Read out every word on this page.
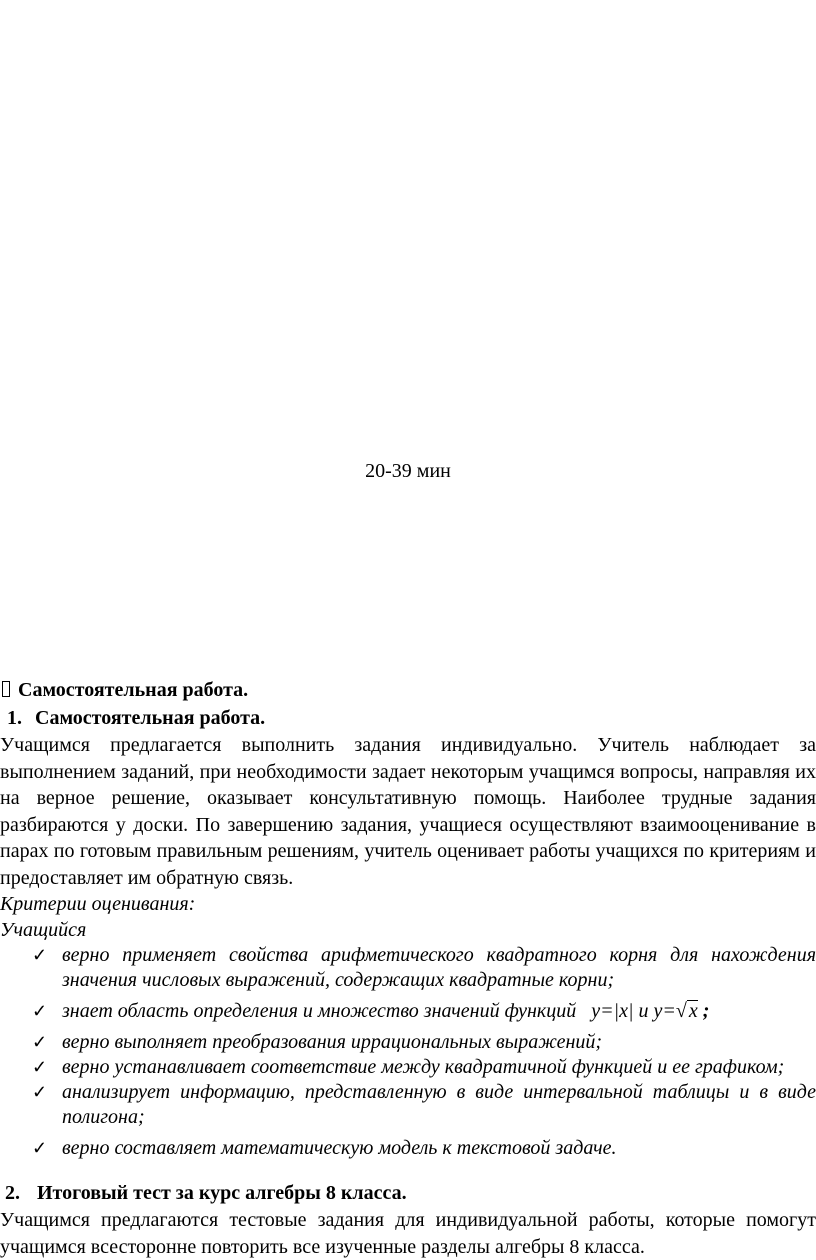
20-39 мин
Самостоятельная работа.
1. Самостоятельная работа.

Учащимся предлагается выполнить задания индивидуально. Учитель наблюдает за выполнением заданий, при необходимости задает некоторым учащимся вопросы, направляя их на верное решение, оказывает консультативную помощь. Наиболее трудные задания разбираются у доски. По завершению задания, учащиеся осуществляют взаимооценивание в парах по готовым правильным решениям, учитель оценивает работы учащихся по критериям и предоставляет им обратную связь.

Критерии оценивания:
Учащийся
✓ верно применяет свойства арифметического квадратного корня для нахождения значения числовых выражений, содержащих квадратные корни;
✓ знает область определения и множество значений функций   y=|x| и y=√ x ;
✓ верно выполняет преобразования иррациональных выражений;
✓ верно устанавливает соответствие между квадратичной функцией и ее графиком;
✓ анализирует информацию, представленную в виде интервальной таблицы и в виде полигона;
✓ верно составляет математическую модель к текстовой задаче.
2. Итоговый тест за курс алгебры 8 класса.

Учащимся предлагаются тестовые задания для индивидуальной работы, которые помогут учащимся всесторонне повторить все изученные разделы алгебры 8 класса.
